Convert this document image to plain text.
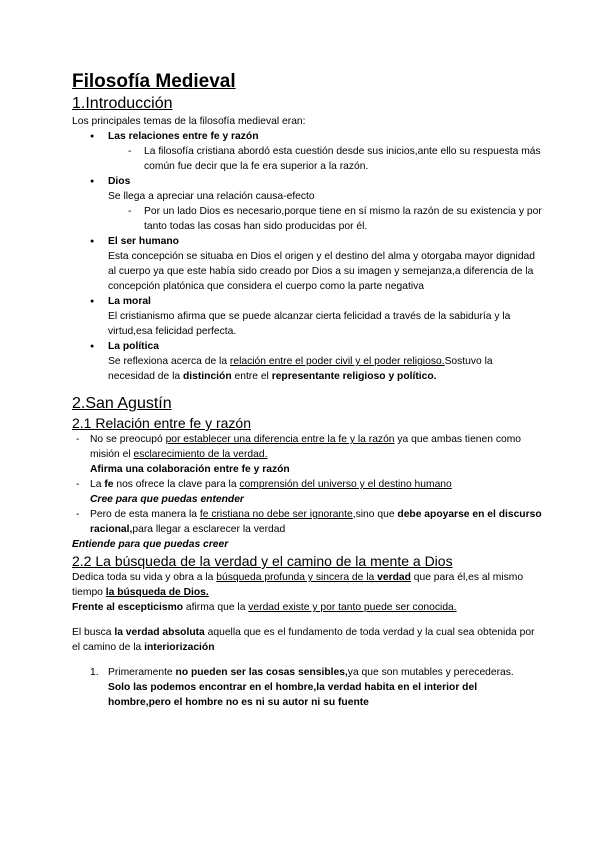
Filosofía Medieval
1.Introducción

Los principales temas de la filosofía medieval eran:

● Las relaciones entre fe y razón
- La filosofía cristiana abordó esta cuestión desde sus inicios,ante ello su respuesta más común fue decir que la fe era superior a la razón.
● Dios
Se llega a apreciar una relación causa-efecto
- Por un lado Dios es necesario,porque tiene en sí mismo la razón de su existencia y por tanto todas las cosas han sido producidas por él.
● El ser humano
Esta concepción se situaba en Dios el origen y el destino del alma y otorgaba mayor dignidad al cuerpo ya que este había sido creado por Dios a su imagen y semejanza,a diferencia de la concepción platónica que considera el cuerpo como la parte negativa
● La moral
El cristianismo afirma que se puede alcanzar cierta felicidad a través de la sabiduría y la virtud,esa felicidad perfecta.
● La política
Se reflexiona acerca de la relación entre el poder civil y el poder religioso.Sostuvo la necesidad de la distinción entre el representante religioso y político.
2.San Agustín
2.1 Relación entre fe y razón
- No se preocupó por establecer una diferencia entre la fe y la razón ya que ambas tienen como misión el esclarecimiento de la verdad.
Afirma una colaboración entre fe y razón
- La fe nos ofrece la clave para la comprensión del universo y el destino humano
Cree para que puedas entender
- Pero de esta manera la fe cristiana no debe ser ignorante,sino que debe apoyarse en el discurso racional,para llegar a esclarecer la verdad

Entiende para que puedas creer

2.2 La búsqueda de la verdad y el camino de la mente a Dios

Dedica toda su vida y obra a la búsqueda profunda y sincera de la verdad que para él,es al mismo tiempo la búsqueda de Dios.

Frente al escepticismo afirma que la verdad existe y por tanto puede ser conocida.

El busca la verdad absoluta aquella que es el fundamento de toda verdad y la cual sea obtenida por el camino de la interiorización

1. Primeramente no pueden ser las cosas sensibles,ya que son mutables y perecederas.
Solo las podemos encontrar en el hombre,la verdad habita en el interior del hombre,pero el hombre no es ni su autor ni su fuente
